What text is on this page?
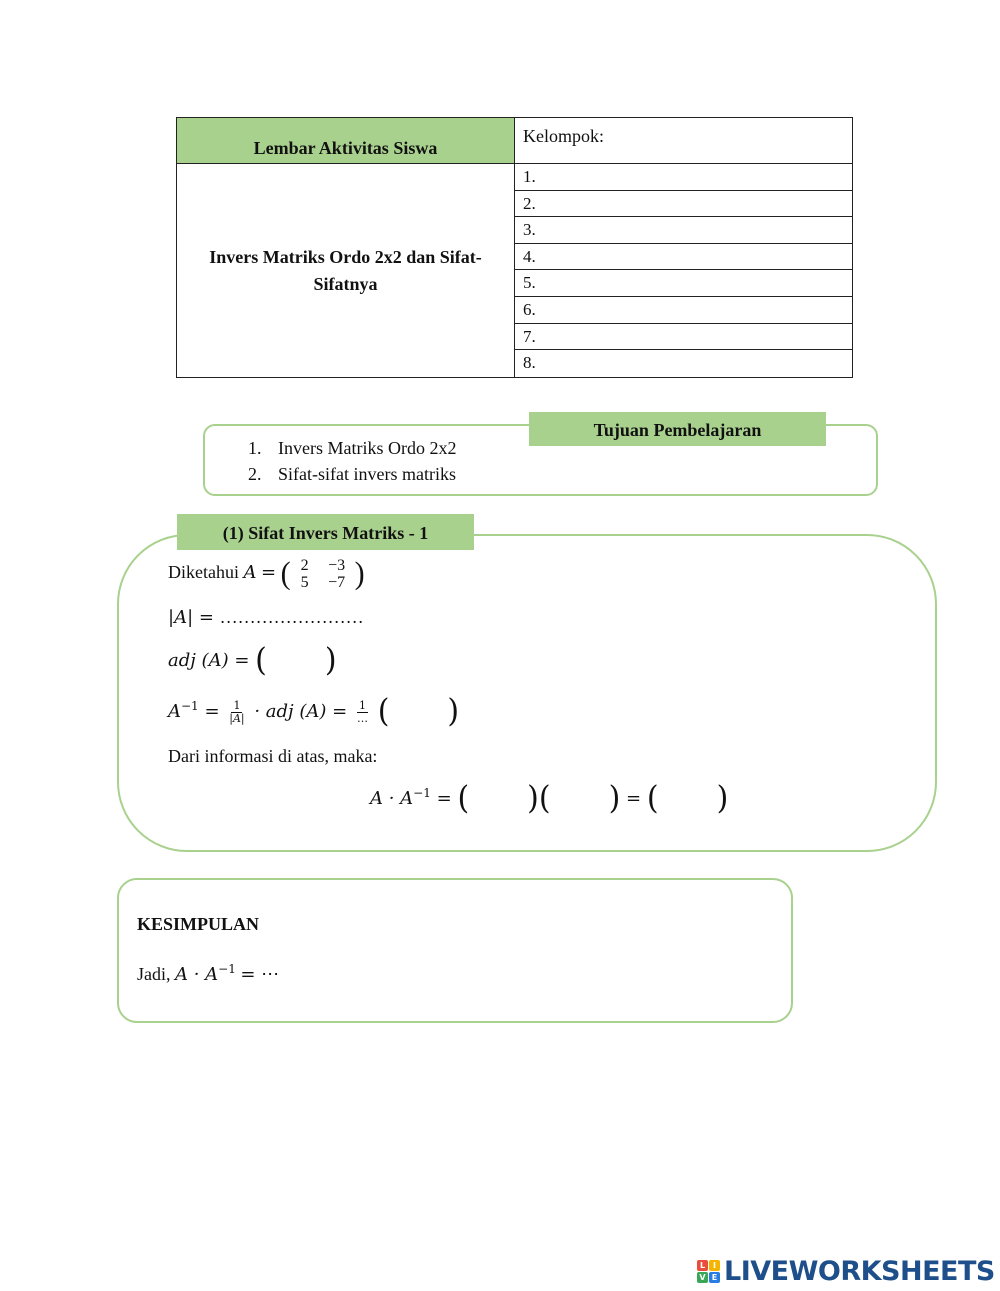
Lembar Aktivitas Siswa
Invers Matriks Ordo 2x2 dan Sifat-Sifatnya
Kelompok:
1.
2.
3.
4.
5.
6.
7.
8.
Tujuan Pembelajaran
1. Invers Matriks Ordo 2x2
2. Sifat-sifat invers matriks
(1) Sifat Invers Matriks - 1
Diketahui A = ( 2	−3
5	−7 )
|A| = ……………………
adj (A) = ( )
$A^{-1} = \frac{1}{|A|}$ · adj $(A) = \frac{1}{\dots}$
( )
Dari informasi di atas, maka:
$A \cdot A^{-1}$ = ( ) ( ) = ( )
KESIMPULAN
Jadi, $A \cdot A^{-1}$ = ⋯
L I
V E LIVEWORKSHEETS
